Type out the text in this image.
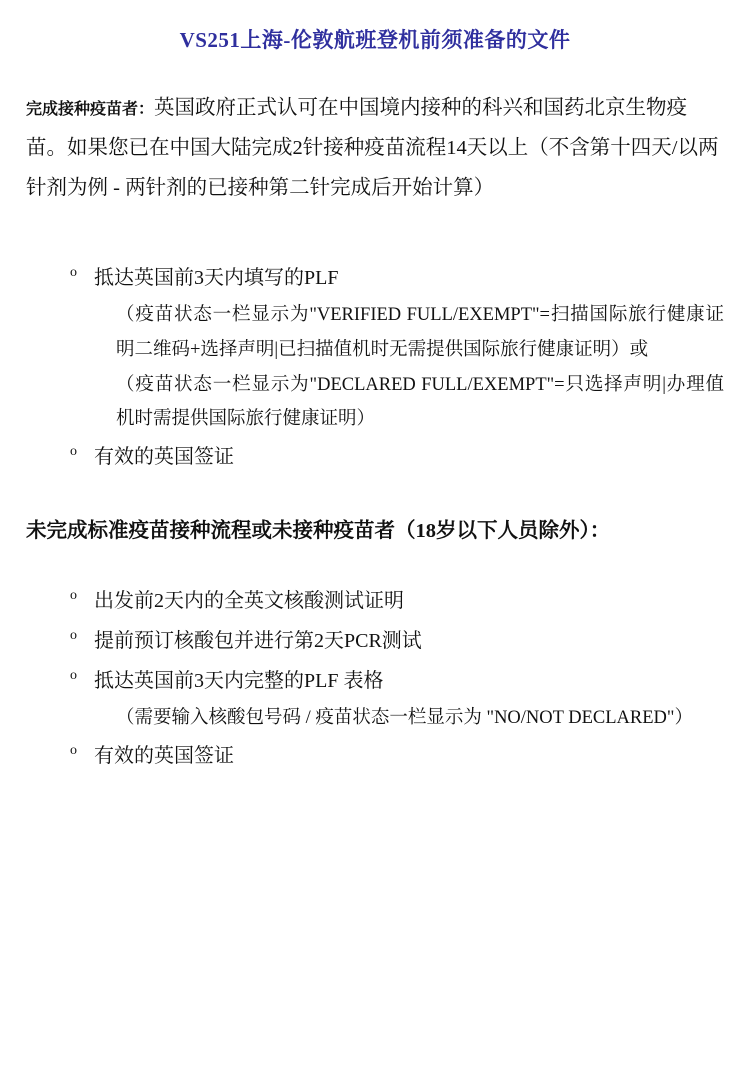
VS251上海-伦敦航班登机前须准备的文件
完成接种疫苗者：英国政府正式认可在中国境内接种的科兴和国药北京生物疫苗。如果您已在中国大陆完成2针接种疫苗流程14天以上（不含第十四天/以两针剂为例 - 两针剂的已接种第二针完成后开始计算）
o 抵达英国前3天内填写的PLF
（疫苗状态一栏显示为"VERIFIED FULL/EXEMPT"=扫描国际旅行健康证明二维码+选择声明|已扫描值机时无需提供国际旅行健康证明）或
（疫苗状态一栏显示为"DECLARED FULL/EXEMPT"=只选择声明|办理值机时需提供国际旅行健康证明）
o 有效的英国签证
未完成标准疫苗接种流程或未接种疫苗者（18岁以下人员除外）：
o 出发前2天内的全英文核酸测试证明
o 提前预订核酸包并进行第2天PCR测试
o 抵达英国前3天内完整的PLF 表格
（需要输入核酸包号码 / 疫苗状态一栏显示为 "NO/NOT DECLARED"）
o 有效的英国签证
